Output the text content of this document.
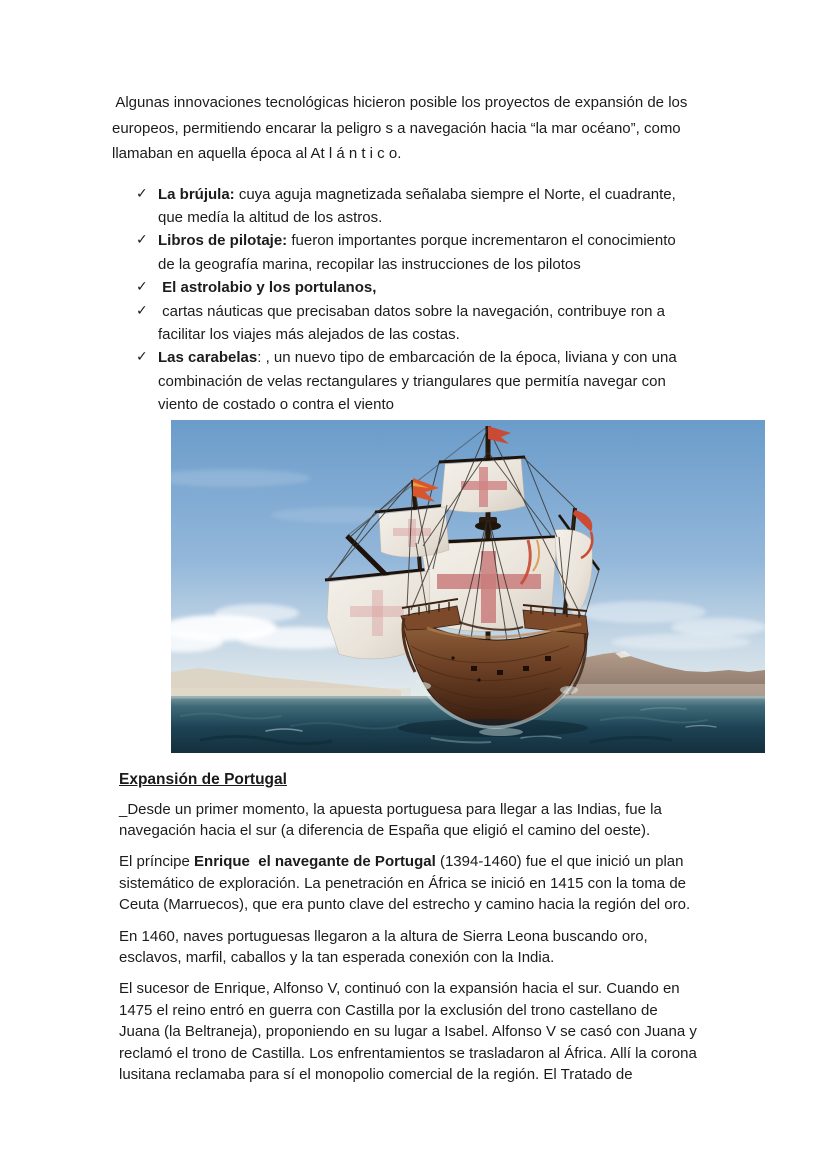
Algunas innovaciones tecnológicas hicieron posible los proyectos de expansión de los
europeos, permitiendo encarar la peligro s a navegación hacia “la mar océano”, como
llamaban en aquella época al At l á n t i c o.
✓ La brújula: cuya aguja magnetizada señalaba siempre el Norte, el cuadrante,
que medía la altitud de los astros.
✓ Libros de pilotaje: fueron importantes porque incrementaron el conocimiento
de la geografía marina, recopilar las instrucciones de los pilotos
✓ El astrolabio y los portulanos,
✓ cartas náuticas que precisaban datos sobre la navegación, contribuye ron a
facilitar los viajes más alejados de las costas.
✓ Las carabelas: , un nuevo tipo de embarcación de la época, liviana y con una
combinación de velas rectangulares y triangulares que permitía navegar con
viento de costado o contra el viento
Expansión de Portugal
_Desde un primer momento, la apuesta portuguesa para llegar a las Indias, fue la
navegación hacia el sur (a diferencia de España que eligió el camino del oeste).
El príncipe Enrique  el navegante de Portugal (1394-1460) fue el que inició un plan
sistemático de exploración. La penetración en África se inició en 1415 con la toma de
Ceuta (Marruecos), que era punto clave del estrecho y camino hacia la región del oro.
En 1460, naves portuguesas llegaron a la altura de Sierra Leona buscando oro,
esclavos, marfil, caballos y la tan esperada conexión con la India.
El sucesor de Enrique, Alfonso V, continuó con la expansión hacia el sur. Cuando en
1475 el reino entró en guerra con Castilla por la exclusión del trono castellano de
Juana (la Beltraneja), proponiendo en su lugar a Isabel. Alfonso V se casó con Juana y
reclamó el trono de Castilla. Los enfrentamientos se trasladaron al África. Allí la corona
lusitana reclamaba para sí el monopolio comercial de la región. El Tratado de
